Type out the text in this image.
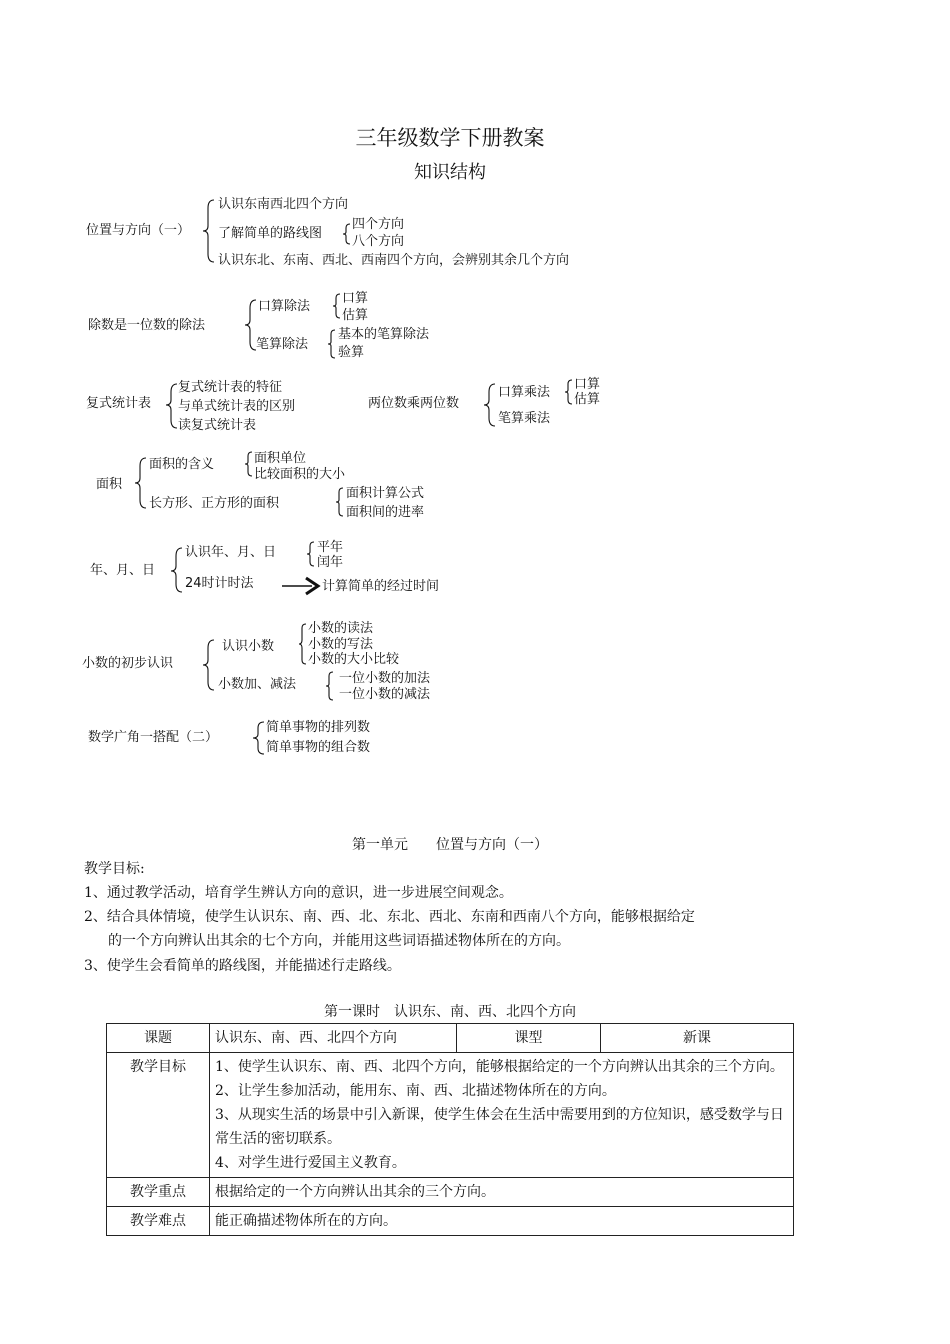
三年级数学下册教案
知识结构
位置与方向（一）
认识东南西北四个方向
了解简单的路线图
四个方向
八个方向
认识东北、东南、西北、西南四个方向，会辨别其余几个方向
除数是一位数的除法
口算除法
口算
估算
笔算除法
基本的笔算除法
验算
复式统计表
复式统计表的特征
与单式统计表的区别
读复式统计表
两位数乘两位数
口算乘法
口算
估算
笔算乘法
面积
面积的含义	面积单位
比较面积的大小
长方形、正方形的面积
面积计算公式
面积间的进率
年、月、日
认识年、月、日	平年
闰年
24时计时法	计算简单的经过时间
小数的初步认识
认识小数
小数的读法
小数的写法
小数的大小比较
小数加、减法	一位小数的加法
一位小数的减法
数学广角一搭配（二）
简单事物的排列数
简单事物的组合数
第一单元　　位置与方向（一）
教学目标:
1、通过教学活动，培育学生辨认方向的意识，进一步进展空间观念。
2、结合具体情境，使学生认识东、南、西、北、东北、西北、东南和西南八个方向，能够根据给定
的一个方向辨认出其余的七个方向，并能用这些词语描述物体所在的方向。
3、使学生会看简单的路线图，并能描述行走路线。
第一课时　认识东、南、西、北四个方向
课题	认识东、南、西、北四个方向	课型	新课
教学目标	1、使学生认识东、南、西、北四个方向，能够根据给定的一个方向辨认出其余的三个方向。
2、让学生参加活动，能用东、南、西、北描述物体所在的方向。
3、从现实生活的场景中引入新课，使学生体会在生活中需要用到的方位知识，感受数学与日常生活的密切联系。
4、对学生进行爱国主义教育。		

教学重点	根据给定的一个方向辨认出其余的三个方向。		
教学难点	能正确描述物体所在的方向。		
